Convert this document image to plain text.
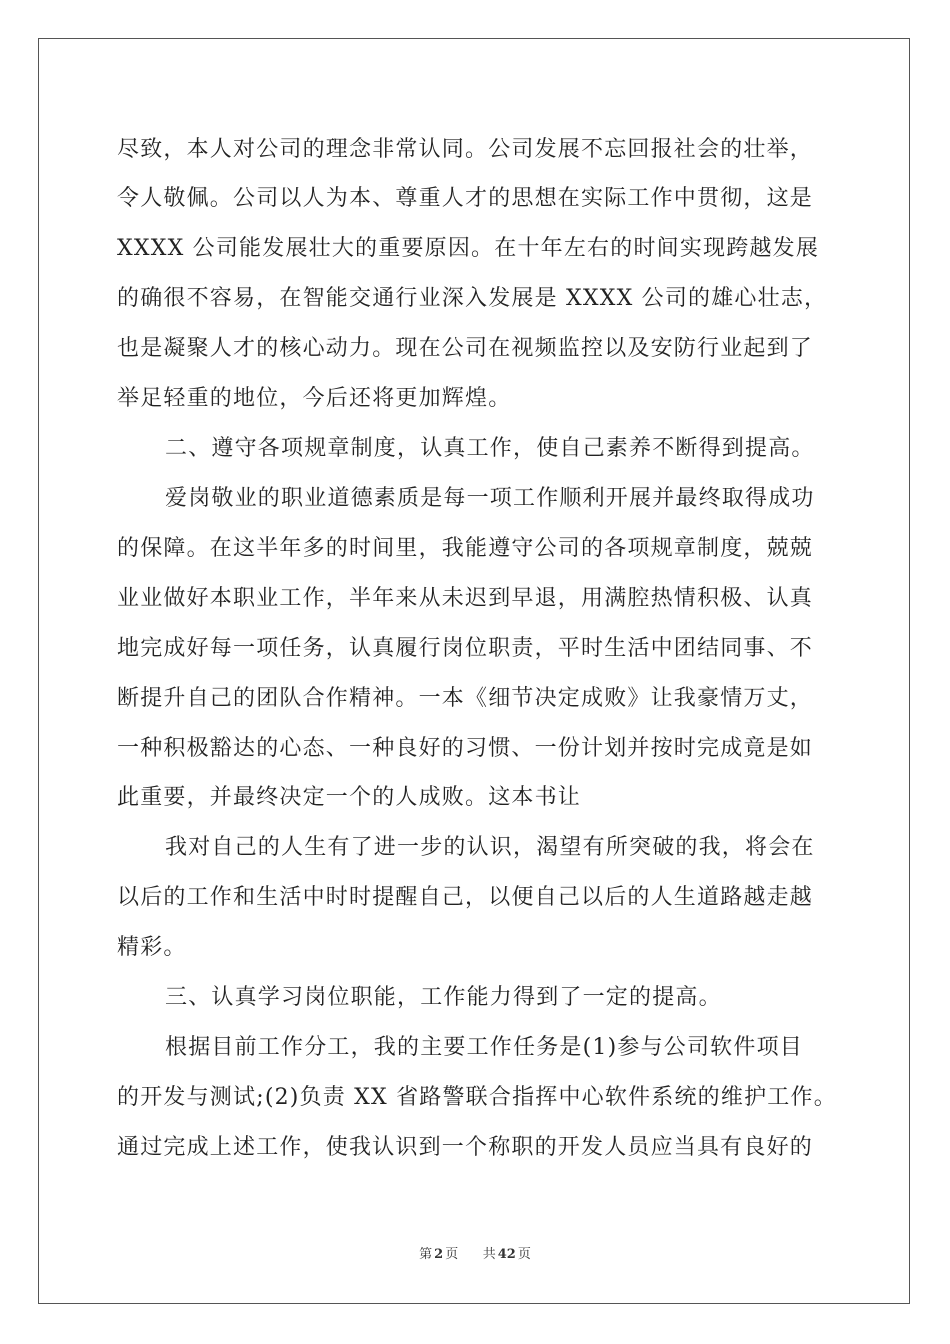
尽致，本人对公司的理念非常认同。公司发展不忘回报社会的壮举，
令人敬佩。公司以人为本、尊重人才的思想在实际工作中贯彻，这是
XXXX 公司能发展壮大的重要原因。在十年左右的时间实现跨越发展
的确很不容易，在智能交通行业深入发展是 XXXX 公司的雄心壮志，
也是凝聚人才的核心动力。现在公司在视频监控以及安防行业起到了
举足轻重的地位，今后还将更加辉煌。
二、遵守各项规章制度，认真工作，使自己素养不断得到提高。
爱岗敬业的职业道德素质是每一项工作顺利开展并最终取得成功
的保障。在这半年多的时间里，我能遵守公司的各项规章制度，兢兢
业业做好本职业工作，半年来从未迟到早退，用满腔热情积极、认真
地完成好每一项任务，认真履行岗位职责，平时生活中团结同事、不
断提升自己的团队合作精神。一本《细节决定成败》让我豪情万丈，
一种积极豁达的心态、一种良好的习惯、一份计划并按时完成竟是如
此重要，并最终决定一个的人成败。这本书让
我对自己的人生有了进一步的认识，渴望有所突破的我，将会在
以后的工作和生活中时时提醒自己，以便自己以后的人生道路越走越
精彩。
三、认真学习岗位职能，工作能力得到了一定的提高。
根据目前工作分工，我的主要工作任务是(1)参与公司软件项目
的开发与测试;(2)负责 XX 省路警联合指挥中心软件系统的维护工作。
通过完成上述工作，使我认识到一个称职的开发人员应当具有良好的
第 2 页 共 42 页
